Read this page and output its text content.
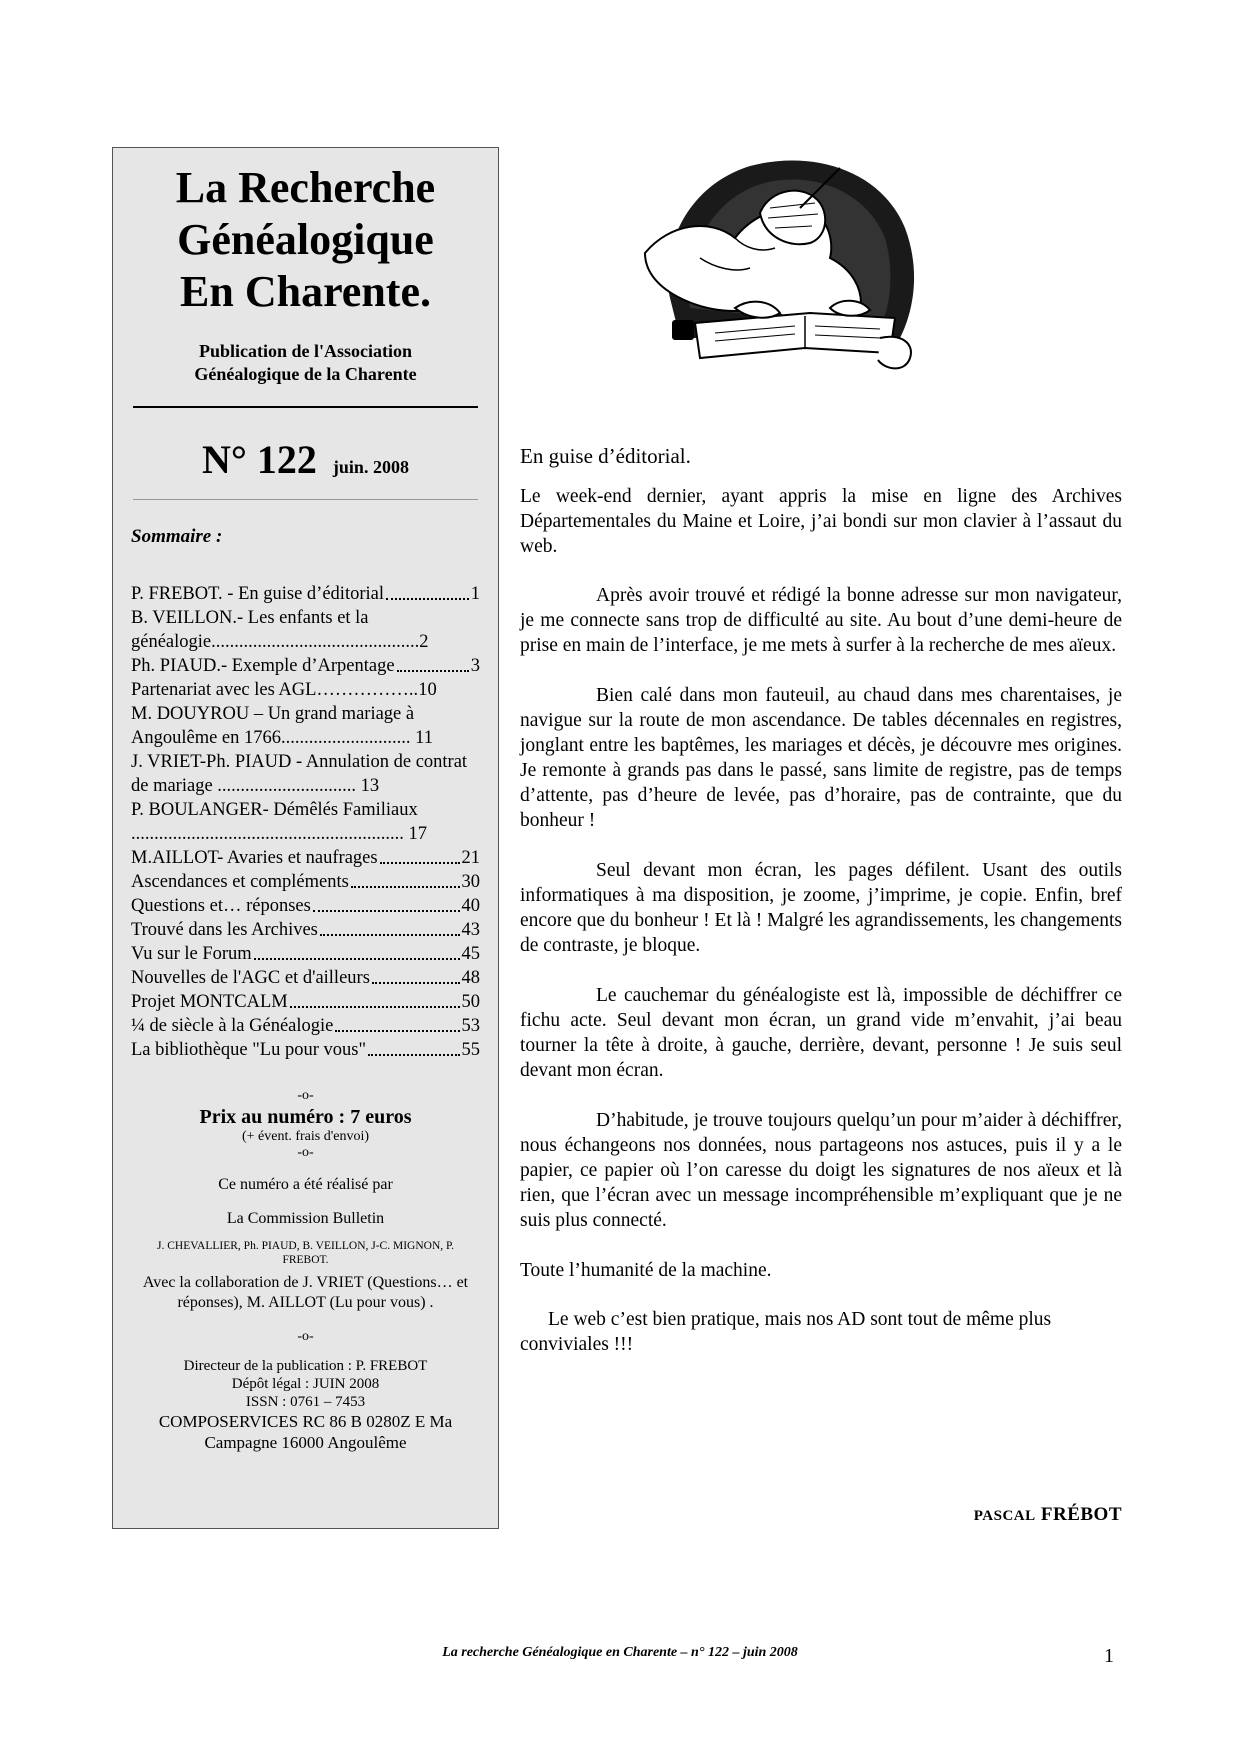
La Recherche
Généalogique
En Charente.
Publication de l'Association
Généalogique de la Charente
N° 122 juin. 2008
Sommaire :
P. FREBOT. - En guise d’éditorial	1
B. VEILLON.- Les enfants et la généalogie.............................................2
Ph. PIAUD.- Exemple d’Arpentage	3
Partenariat avec les AGL…………….. 10
M. DOUYROU – Un grand mariage à Angoulême en 1766............................ 11
J. VRIET-Ph. PIAUD - Annulation de contrat de mariage .............................. 13
P. BOULANGER- Démêlés Familiaux
........................................................... 17
M.AILLOT- Avaries et naufrages	21
Ascendances et compléments	30
Questions et… réponses	40
Trouvé dans les Archives	43
Vu sur le Forum	45
Nouvelles de l'AGC et d'ailleurs	48
Projet MONTCALM	50
¼ de siècle à la Généalogie	53
La bibliothèque "Lu pour vous"	55
-o-
Prix au numéro : 7 euros
(+ évent. frais d'envoi)
-o-
Ce numéro a été réalisé par
La Commission Bulletin
J. CHEVALLIER, Ph. PIAUD, B. VEILLON, J-C. MIGNON, P. FREBOT.
Avec la collaboration de J. VRIET (Questions… et réponses), M. AILLOT (Lu pour vous) .
-o-
Directeur de la publication : P. FREBOT
Dépôt légal : JUIN 2008
ISSN : 0761 – 7453
COMPOSERVICES RC 86 B 0280Z E Ma
Campagne 16000 Angoulême

En guise d’éditorial.

Le week-end dernier, ayant appris la mise en ligne des Archives Départementales du Maine et Loire, j’ai bondi sur mon clavier à l’assaut du web.

Après avoir trouvé et rédigé la bonne adresse sur mon navigateur, je me connecte sans trop de difficulté au site. Au bout d’une demi-heure de prise en main de l’interface, je me mets à surfer à la recherche de mes aïeux.

Bien calé dans mon fauteuil, au chaud dans mes charentaises, je navigue sur la route de mon ascendance. De tables décennales en registres, jonglant entre les baptêmes, les mariages et décès, je découvre mes origines. Je remonte à grands pas dans le passé, sans limite de registre, pas de temps d’attente, pas d’heure de levée, pas d’horaire, pas de contrainte, que du bonheur !

Seul devant mon écran, les pages défilent. Usant des outils informatiques à ma disposition, je zoome, j’imprime, je copie. Enfin, bref encore que du bonheur ! Et là ! Malgré les agrandissements, les changements de contraste, je bloque.

Le cauchemar du généalogiste est là, impossible de déchiffrer ce fichu acte. Seul devant mon écran, un grand vide m’envahit, j’ai beau tourner la tête à droite, à gauche, derrière, devant, personne ! Je suis seul devant mon écran.

D’habitude, je trouve toujours quelqu’un pour m’aider à déchiffrer, nous échangeons nos données, nous partageons nos astuces, puis il y a le papier, ce papier où l’on caresse du doigt les signatures de nos aïeux et là rien, que l’écran avec un message incompréhensible m’expliquant que je ne suis plus connecté.

Toute l’humanité de la machine.

Le web c’est bien pratique, mais nos AD sont tout de même plus conviviales !!!

PASCAL FRÉBOT
La recherche Généalogique en Charente – n° 122 – juin 2008	1
